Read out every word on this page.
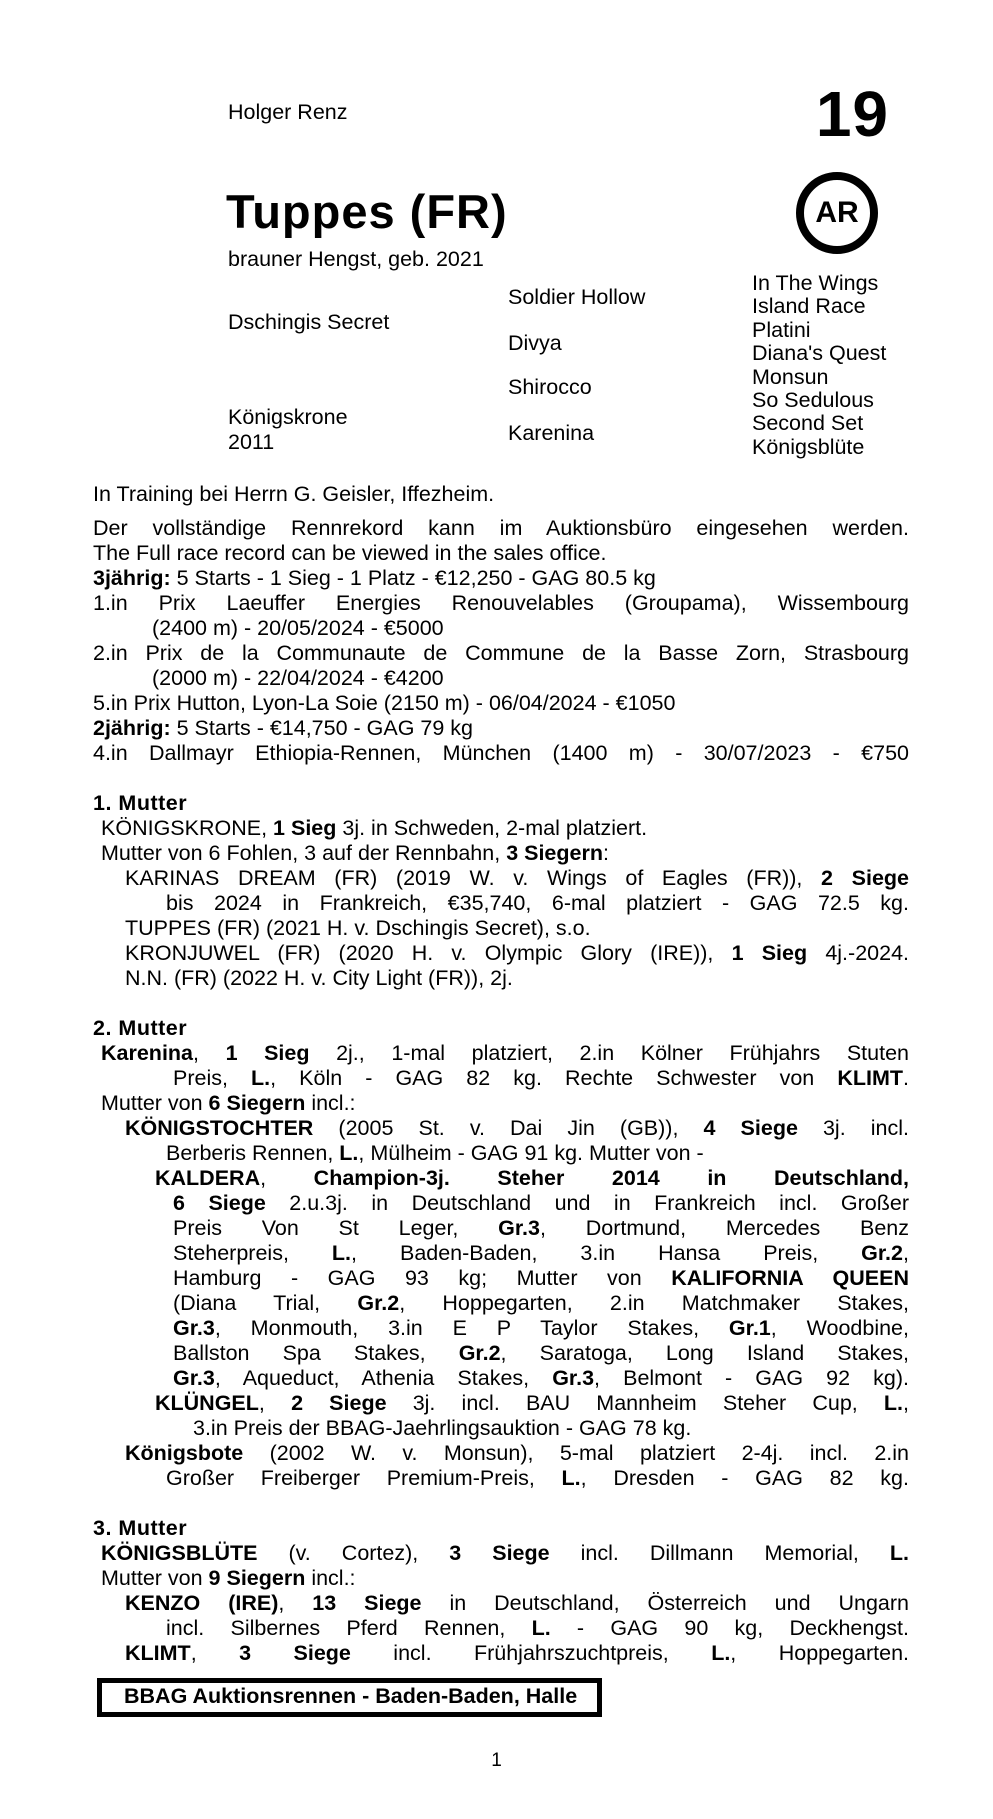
Holger Renz	19
Tuppes (FR)
brauner Hengst, geb. 2021
AR
Dschingis Secret
Königskrone
2011
Soldier Hollow
Divya
Shirocco
Karenina
In The Wings
Island Race
Platini
Diana's Quest
Monsun
So Sedulous
Second Set
Königsblüte
In Training bei Herrn G. Geisler, Iffezheim.
Der vollständige Rennrekord kann im Auktionsbüro eingesehen werden.
The Full race record can be viewed in the sales office.
3jährig: 5 Starts - 1 Sieg - 1 Platz - €12,250 - GAG 80.5 kg
1.in Prix Laeuffer Energies Renouvelables (Groupama), Wissembourg
(2400 m) - 20/05/2024 - €5000
2.in Prix de la Communaute de Commune de la Basse Zorn, Strasbourg
(2000 m) - 22/04/2024 - €4200
5.in Prix Hutton, Lyon-La Soie (2150 m) - 06/04/2024 - €1050
2jährig: 5 Starts - €14,750 - GAG 79 kg
4.in Dallmayr Ethiopia-Rennen, München (1400 m) - 30/07/2023 - €750
1. Mutter
KÖNIGSKRONE, 1 Sieg 3j. in Schweden, 2-mal platziert.
Mutter von 6 Fohlen, 3 auf der Rennbahn, 3 Siegern:
KARINAS DREAM (FR) (2019 W. v. Wings of Eagles (FR)), 2 Siege
bis 2024 in Frankreich, €35,740, 6-mal platziert - GAG 72.5 kg.
TUPPES (FR) (2021 H. v. Dschingis Secret), s.o.
KRONJUWEL (FR) (2020 H. v. Olympic Glory (IRE)), 1 Sieg 4j.-2024.
N.N. (FR) (2022 H. v. City Light (FR)), 2j.
2. Mutter
Karenina, 1 Sieg 2j., 1-mal platziert, 2.in Kölner Frühjahrs Stuten
Preis, L., Köln - GAG 82 kg. Rechte Schwester von KLIMT.
Mutter von 6 Siegern incl.:
KÖNIGSTOCHTER (2005 St. v. Dai Jin (GB)), 4 Siege 3j. incl.
Berberis Rennen, L., Mülheim - GAG 91 kg. Mutter von -
KALDERA, Champion-3j. Steher 2014 in Deutschland,
6 Siege 2.u.3j. in Deutschland und in Frankreich incl. Großer
Preis Von St Leger, Gr.3, Dortmund, Mercedes Benz
Steherpreis, L., Baden-Baden, 3.in Hansa Preis, Gr.2,
Hamburg - GAG 93 kg; Mutter von KALIFORNIA QUEEN
(Diana Trial, Gr.2, Hoppegarten, 2.in Matchmaker Stakes,
Gr.3, Monmouth, 3.in E P Taylor Stakes, Gr.1, Woodbine,
Ballston Spa Stakes, Gr.2, Saratoga, Long Island Stakes,
Gr.3, Aqueduct, Athenia Stakes, Gr.3, Belmont - GAG 92 kg).
KLÜNGEL, 2 Siege 3j. incl. BAU Mannheim Steher Cup, L.,
3.in Preis der BBAG-Jaehrlingsauktion - GAG 78 kg.
Königsbote (2002 W. v. Monsun), 5-mal platziert 2-4j. incl. 2.in
Großer Freiberger Premium-Preis, L., Dresden - GAG 82 kg.
3. Mutter
KÖNIGSBLÜTE (v. Cortez), 3 Siege incl. Dillmann Memorial, L.
Mutter von 9 Siegern incl.:
KENZO (IRE), 13 Siege in Deutschland, Österreich und Ungarn
incl. Silbernes Pferd Rennen, L. - GAG 90 kg, Deckhengst.
KLIMT, 3 Siege incl. Frühjahrszuchtpreis, L., Hoppegarten.
BBAG Auktionsrennen - Baden-Baden, Halle
1
